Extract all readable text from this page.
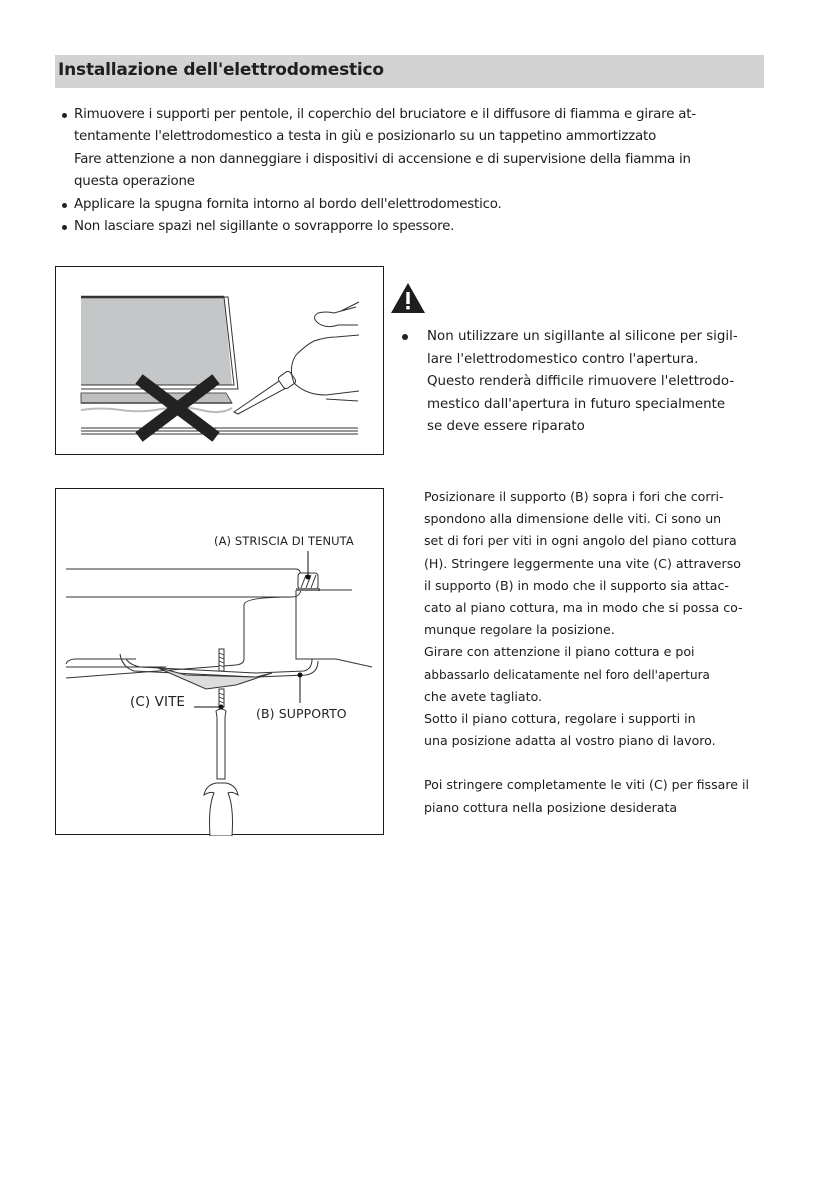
Installazione dell'elettrodomestico
Rimuovere i supporti per pentole, il coperchio del bruciatore e il diffusore di fiamma e girare at-
tentamente l'elettrodomestico a testa in giù e posizionarlo su un tappetino ammortizzato
Fare attenzione a non danneggiare i dispositivi di accensione e di supervisione della fiamma in
questa operazione
Applicare la spugna fornita intorno al bordo dell'elettrodomestico.
Non lasciare spazi nel sigillante o sovrapporre lo spessore.
Non utilizzare un sigillante al silicone per sigil-
lare l'elettrodomestico contro l'apertura.
Questo renderà difficile rimuovere l'elettrodo-
mestico dall'apertura in futuro specialmente
se deve essere riparato
(A) STRISCIA DI TENUTA
(C) VITE
(B) SUPPORTO

Posizionare il supporto (B) sopra i fori che corri-

spondono alla dimensione delle viti. Ci sono un

set di fori per viti in ogni angolo del piano cottura

(H). Stringere leggermente una vite (C) attraverso

il supporto (B) in modo che il supporto sia attac-

cato al piano cottura, ma in modo che si possa co-

munque regolare la posizione.

Girare con attenzione il piano cottura e poi

abbassarlo delicatamente nel foro dell'apertura

che avete tagliato.

Sotto il piano cottura, regolare i supporti in

una posizione adatta al vostro piano di lavoro.

Poi stringere completamente le viti (C) per fissare il

piano cottura nella posizione desiderata
